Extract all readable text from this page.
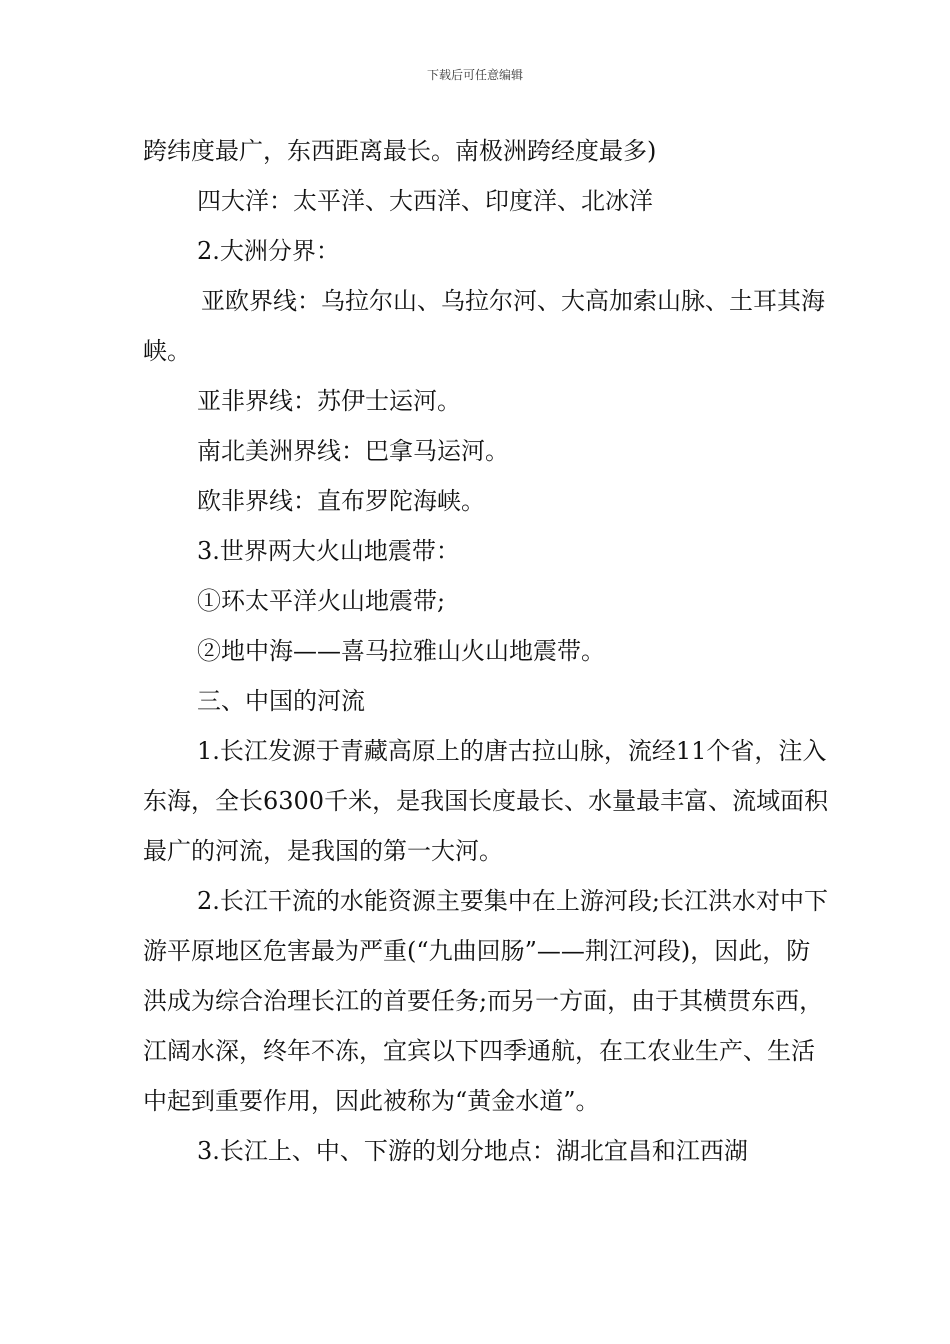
下载后可任意编辑

跨纬度最广，东西距离最长。南极洲跨经度最多)

四大洋：太平洋、大西洋、印度洋、北冰洋

2.大洲分界：

亚欧界线：乌拉尔山、乌拉尔河、大高加索山脉、土耳其海峡。

亚非界线：苏伊士运河。

南北美洲界线：巴拿马运河。

欧非界线：直布罗陀海峡。

3.世界两大火山地震带：

①环太平洋火山地震带;

②地中海——喜马拉雅山火山地震带。

三、中国的河流

1.长江发源于青藏高原上的唐古拉山脉，流经11个省，注入东海，全长6300千米，是我国长度最长、水量最丰富、流域面积最广的河流，是我国的第一大河。

2.长江干流的水能资源主要集中在上游河段;长江洪水对中下游平原地区危害最为严重(“九曲回肠”——荆江河段)，因此，防洪成为综合治理长江的首要任务;而另一方面，由于其横贯东西，江阔水深，终年不冻，宜宾以下四季通航，在工农业生产、生活中起到重要作用，因此被称为“黄金水道”。

3.长江上、中、下游的划分地点：湖北宜昌和江西湖
